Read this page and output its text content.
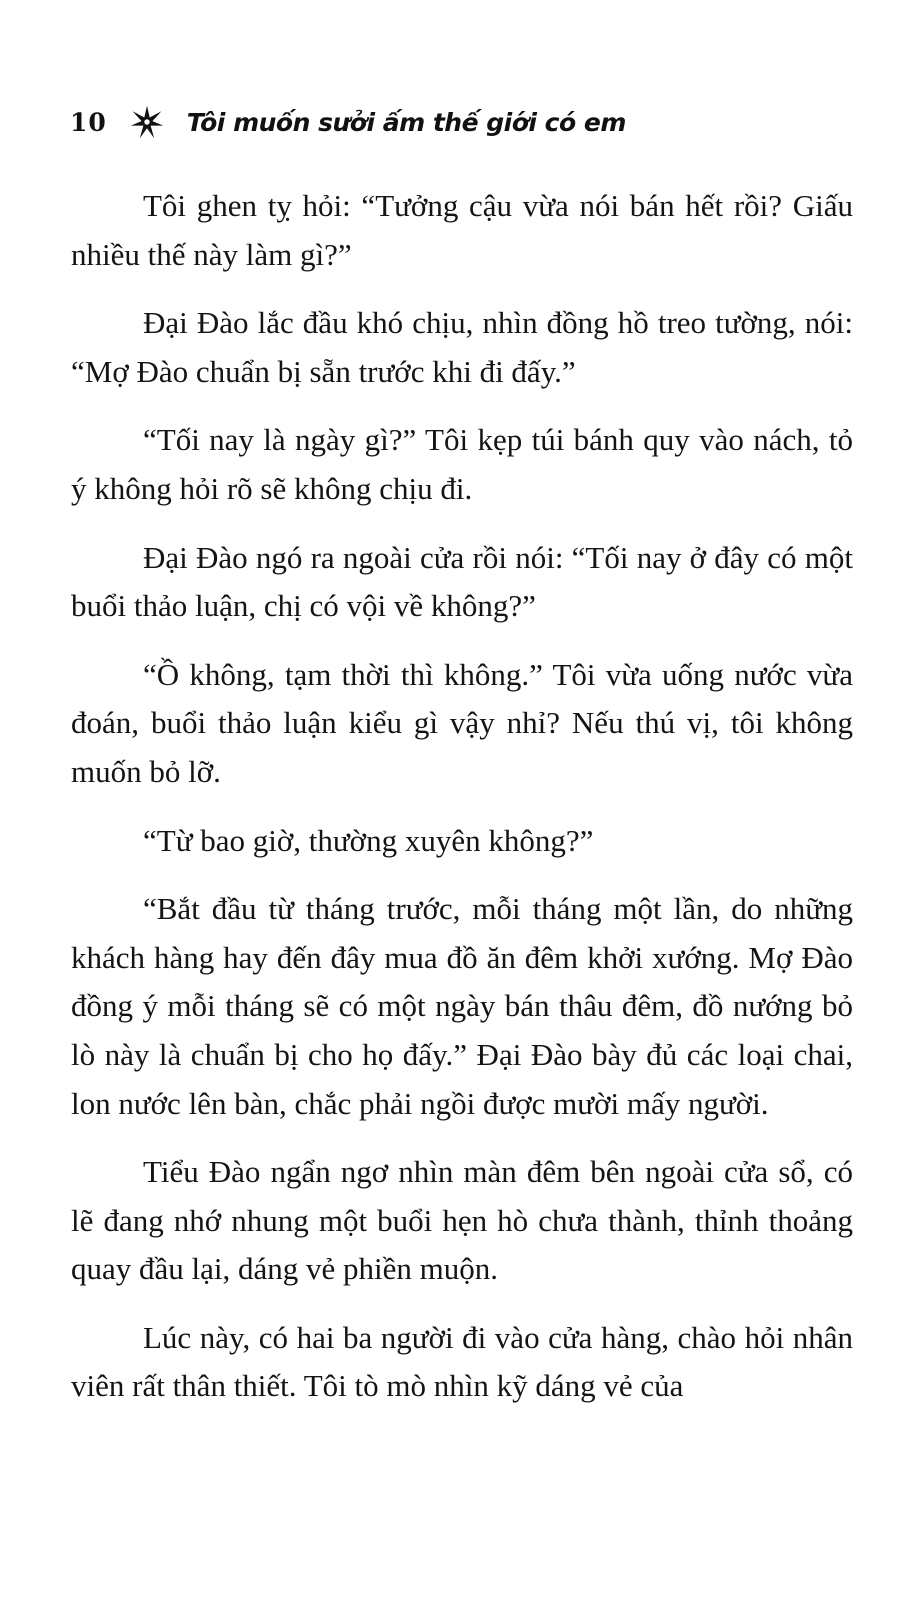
10	Tôi muốn sưởi ấm thế giới có em

Tôi ghen tỵ hỏi: “Tưởng cậu vừa nói bán hết rồi? Giấu nhiều thế này làm gì?”

Đại Đào lắc đầu khó chịu, nhìn đồng hồ treo tường, nói: “Mợ Đào chuẩn bị sẵn trước khi đi đấy.”

“Tối nay là ngày gì?” Tôi kẹp túi bánh quy vào nách, tỏ ý không hỏi rõ sẽ không chịu đi.

Đại Đào ngó ra ngoài cửa rồi nói: “Tối nay ở đây có một buổi thảo luận, chị có vội về không?”

“Ồ không, tạm thời thì không.” Tôi vừa uống nước vừa đoán, buổi thảo luận kiểu gì vậy nhỉ? Nếu thú vị, tôi không muốn bỏ lỡ.

“Từ bao giờ, thường xuyên không?”

“Bắt đầu từ tháng trước, mỗi tháng một lần, do những khách hàng hay đến đây mua đồ ăn đêm khởi xướng. Mợ Đào đồng ý mỗi tháng sẽ có một ngày bán thâu đêm, đồ nướng bỏ lò này là chuẩn bị cho họ đấy.” Đại Đào bày đủ các loại chai, lon nước lên bàn, chắc phải ngồi được mười mấy người.

Tiểu Đào ngẩn ngơ nhìn màn đêm bên ngoài cửa sổ, có lẽ đang nhớ nhung một buổi hẹn hò chưa thành, thỉnh thoảng quay đầu lại, dáng vẻ phiền muộn.

Lúc này, có hai ba người đi vào cửa hàng, chào hỏi nhân viên rất thân thiết. Tôi tò mò nhìn kỹ dáng vẻ của
